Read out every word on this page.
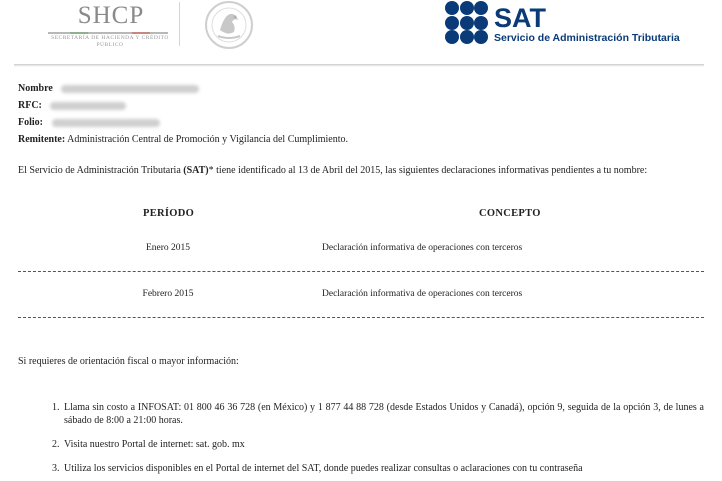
SHCP
SECRETARÍA DE HACIENDA Y CRÉDITO PÚBLICO
SAT
Servicio de Administración Tributaria
Nombre
RFC:
Folio:
Remitente: Administración Central de Promoción y Vigilancia del Cumplimiento.
El Servicio de Administración Tributaria (SAT)* tiene identificado al 13 de Abril del 2015, las siguientes declaraciones informativas pendientes a tu nombre:
PERÍODO	CONCEPTO
Enero 2015	Declaración informativa de operaciones con terceros
Febrero 2015	Declaración informativa de operaciones con terceros
Si requieres de orientación fiscal o mayor información:
1. Llama sin costo a INFOSAT: 01 800 46 36 728 (en México) y 1 877 44 88 728 (desde Estados Unidos y Canadá), opción 9, seguida de la opción 3, de lunes a sábado de 8:00 a 21:00 horas.
2. Visita nuestro Portal de internet: sat. gob. mx
3. Utiliza los servicios disponibles en el Portal de internet del SAT, donde puedes realizar consultas o aclaraciones con tu contraseña
